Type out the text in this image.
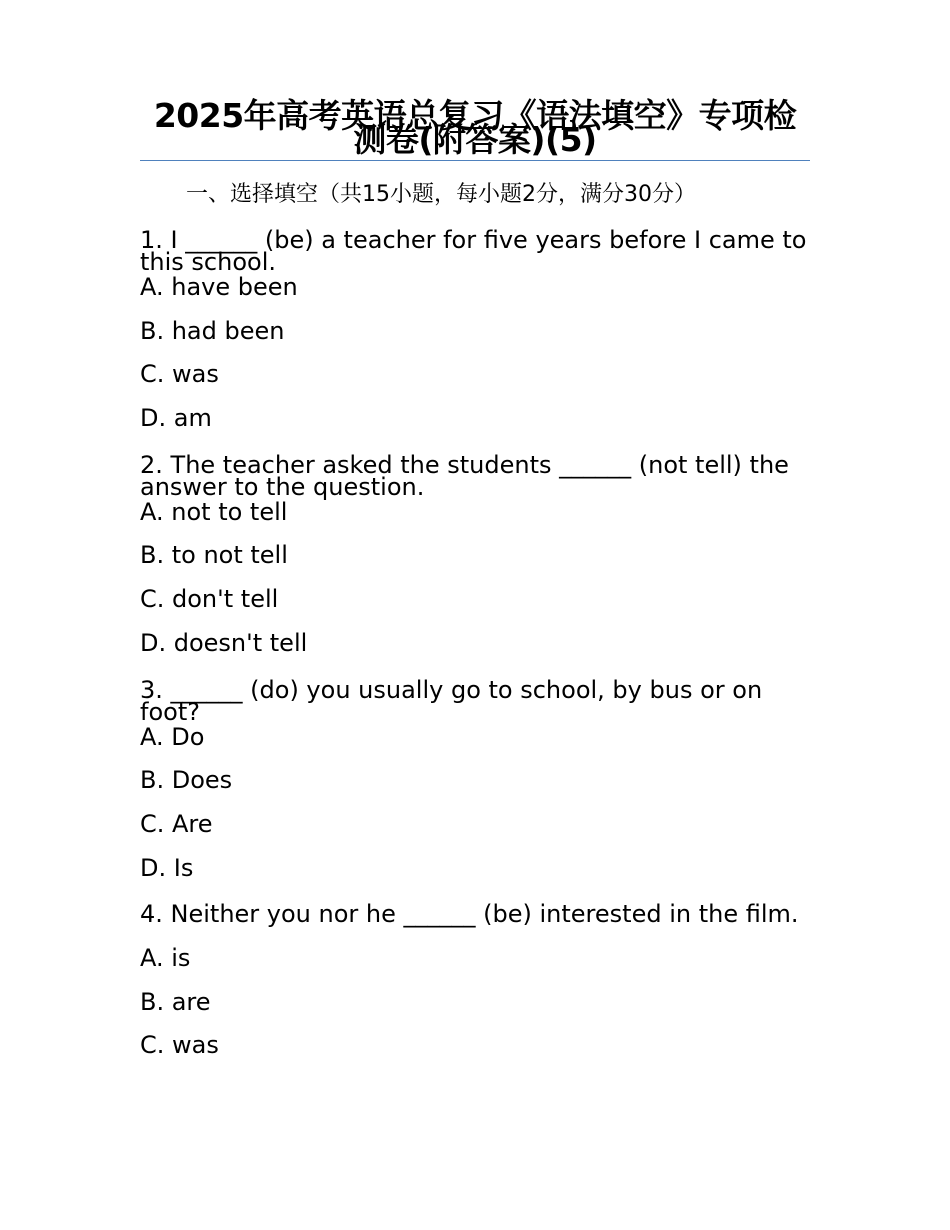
2025年高考英语总复习《语法填空》专项检测卷(附答案)(5)
一、选择填空（共15小题，每小题2分，满分30分）

1. I ______ (be) a teacher for five years before I came to this school.

A. have been

B. had been

C. was

D. am

2. The teacher asked the students ______ (not tell) the answer to the question.

A. not to tell

B. to not tell

C. don't tell

D. doesn't tell

3. ______ (do) you usually go to school, by bus or on foot?

A. Do

B. Does

C. Are

D. Is

4. Neither you nor he ______ (be) interested in the film.

A. is

B. are

C. was
